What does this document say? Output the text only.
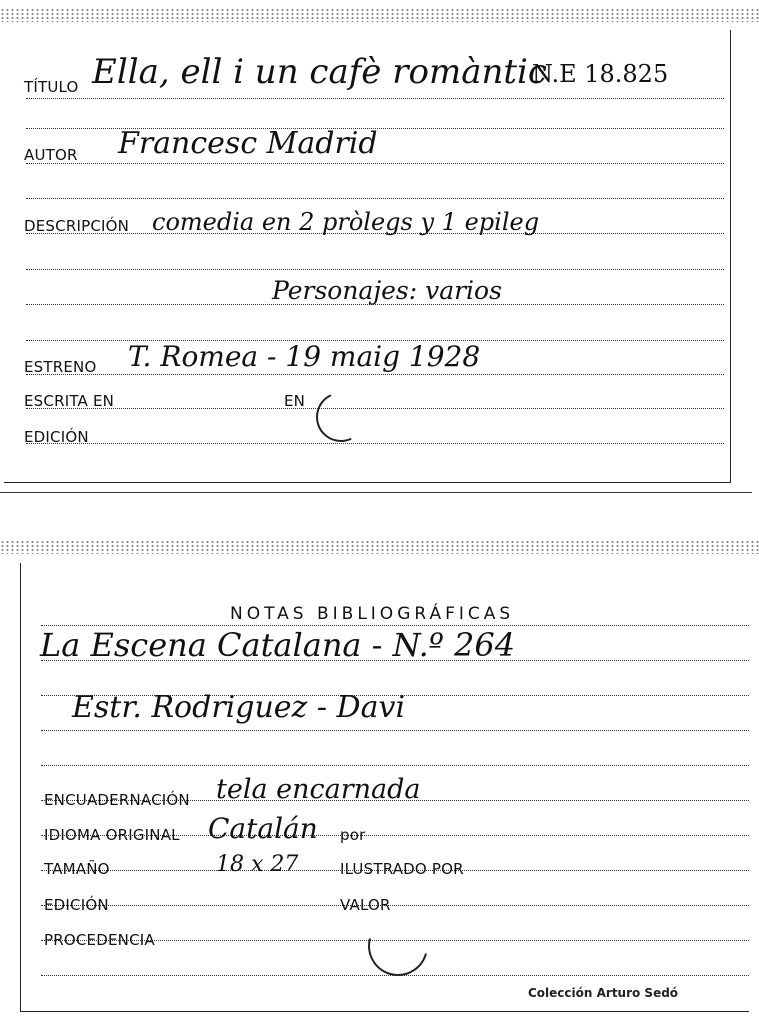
TÍTULO Ella, ell i un cafè romàntic
N.E 18.825
AUTOR Francesc Madrid
DESCRIPCIÓN comedia en 2 pròlegs y 1 epileg
Personajes: varios
ESTRENO T. Romea - 19 maig 1928
ESCRITA EN	EN
EDICIÓN
NOTAS BIBLIOGRÁFICAS
La Escena Catalana - N.º 264
Estr. Rodriguez - Davi
ENCUADERNACIÓN tela encarnada
IDIOMA ORIGINAL Catalán por
TAMAÑO	18 x 27	ILUSTRADO POR
EDICIÓN	VALOR
PROCEDENCIA
Colección Arturo Sedó
